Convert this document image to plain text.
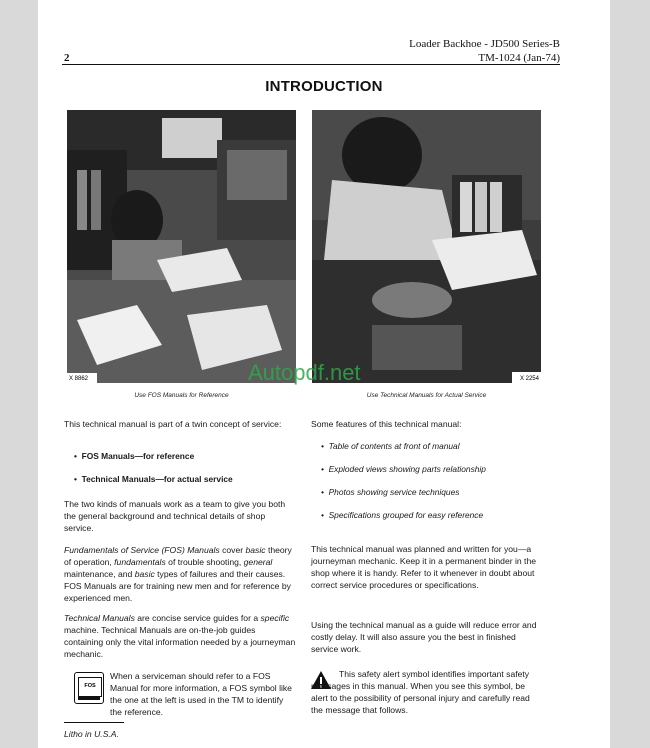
Loader Backhoe - JD500 Series-B
2	TM-1024 (Jan-74)
INTRODUCTION
X 8862	X 2254
Use FOS Manuals for Reference	Use Technical Manuals for Actual Service
Autopdf.net
This technical manual is part of a twin concept of service:
• FOS Manuals—for reference
• Technical Manuals—for actual service
The two kinds of manuals work as a team to give you both the general background and technical details of shop service.
Fundamentals of Service (FOS) Manuals cover basic theory of operation, fundamentals of trouble shooting, general maintenance, and basic types of failures and their causes. FOS Manuals are for training new men and for reference by experienced men.
Technical Manuals are concise service guides for a specific machine. Technical Manuals are on-the-job guides containing only the vital information needed by a journeyman mechanic.
FOS
When a serviceman should refer to a FOS Manual for more information, a FOS symbol like the one at the left is used in the TM to identify the reference.
Litho in U.S.A.
Some features of this technical manual:
• Table of contents at front of manual
• Exploded views showing parts relationship
• Photos showing service techniques
• Specifications grouped for easy reference
This technical manual was planned and written for you—a journeyman mechanic. Keep it in a permanent binder in the shop where it is handy. Refer to it whenever in doubt about correct service procedures or specifications.
Using the technical manual as a guide will reduce error and costly delay. It will also assure you the best in finished service work.
This safety alert symbol identifies important safety messages in this manual. When you see this symbol, be alert to the possibility of personal injury and carefully read the message that follows.
